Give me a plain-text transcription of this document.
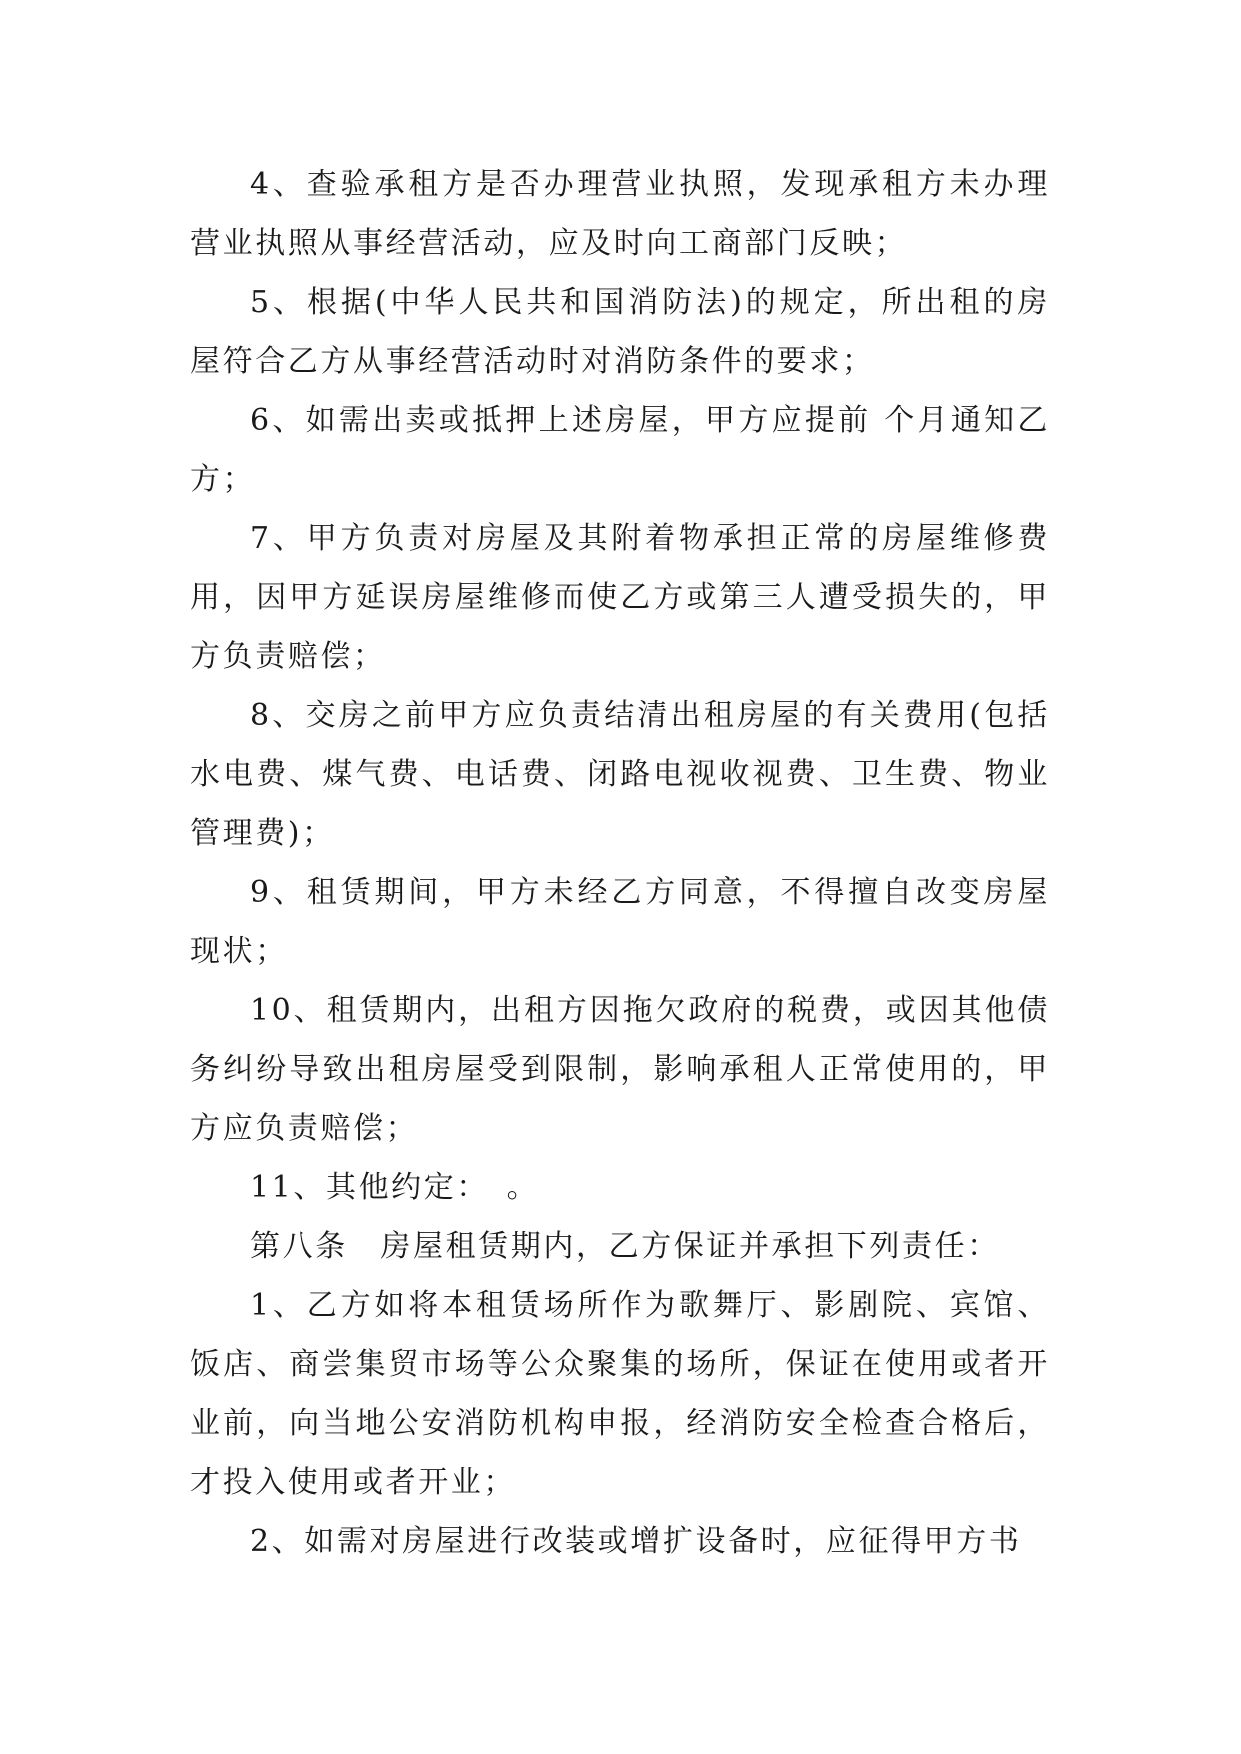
4、查验承租方是否办理营业执照，发现承租方未办理营业执照从事经营活动，应及时向工商部门反映；

5、根据(中华人民共和国消防法)的规定，所出租的房屋符合乙方从事经营活动时对消防条件的要求；

6、如需出卖或抵押上述房屋，甲方应提前 个月通知乙方；

7、甲方负责对房屋及其附着物承担正常的房屋维修费用，因甲方延误房屋维修而使乙方或第三人遭受损失的，甲方负责赔偿；

8、交房之前甲方应负责结清出租房屋的有关费用(包括水电费、煤气费、电话费、闭路电视收视费、卫生费、物业管理费)；

9、租赁期间，甲方未经乙方同意，不得擅自改变房屋现状；

10、租赁期内，出租方因拖欠政府的税费，或因其他债务纠纷导致出租房屋受到限制，影响承租人正常使用的，甲方应负责赔偿；

11、其他约定：　。

第八条　房屋租赁期内，乙方保证并承担下列责任：

1、乙方如将本租赁场所作为歌舞厅、影剧院、宾馆、饭店、商尝集贸市场等公众聚集的场所，保证在使用或者开业前，向当地公安消防机构申报，经消防安全检查合格后，才投入使用或者开业；

2、如需对房屋进行改装或增扩设备时，应征得甲方书
